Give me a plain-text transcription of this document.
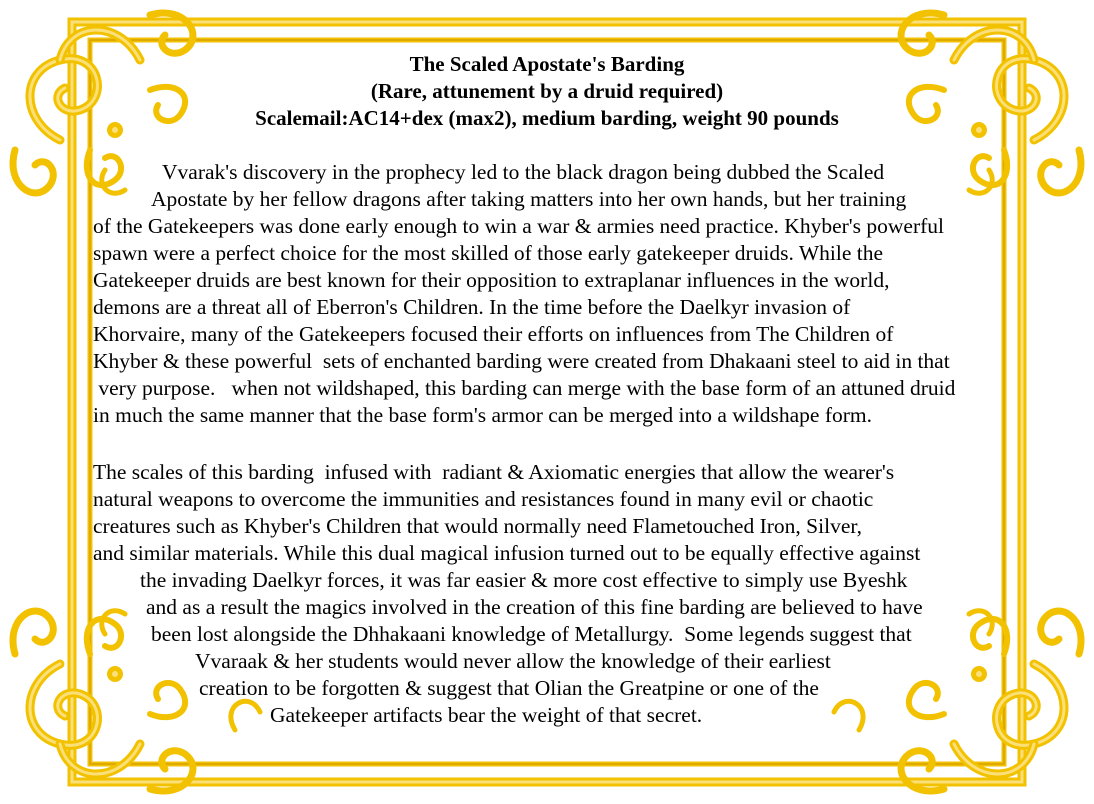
The Scaled Apostate's Barding
(Rare, attunement by a druid required)
Scalemail:AC14+dex (max2), medium barding, weight 90 pounds
Vvarak's discovery in the prophecy led to the black dragon being dubbed the Scaled
Apostate by her fellow dragons after taking matters into her own hands, but her training
of the Gatekeepers was done early enough to win a war & armies need practice. Khyber's powerful
spawn were a perfect choice for the most skilled of those early gatekeeper druids. While the
Gatekeeper druids are best known for their opposition to extraplanar influences in the world,
demons are a threat all of Eberron's Children. In the time before the Daelkyr invasion of
Khorvaire, many of the Gatekeepers focused their efforts on influences from The Children of
Khyber & these powerful  sets of enchanted barding were created from Dhakaani steel to aid in that
very purpose.   when not wildshaped, this barding can merge with the base form of an attuned druid
in much the same manner that the base form's armor can be merged into a wildshape form.
The scales of this barding  infused with  radiant & Axiomatic energies that allow the wearer's
natural weapons to overcome the immunities and resistances found in many evil or chaotic
creatures such as Khyber's Children that would normally need Flametouched Iron, Silver,
and similar materials. While this dual magical infusion turned out to be equally effective against
the invading Daelkyr forces, it was far easier & more cost effective to simply use Byeshk
and as a result the magics involved in the creation of this fine barding are believed to have
been lost alongside the Dhhakaani knowledge of Metallurgy.  Some legends suggest that
Vvaraak & her students would never allow the knowledge of their earliest
creation to be forgotten & suggest that Olian the Greatpine or one of the
Gatekeeper artifacts bear the weight of that secret.
